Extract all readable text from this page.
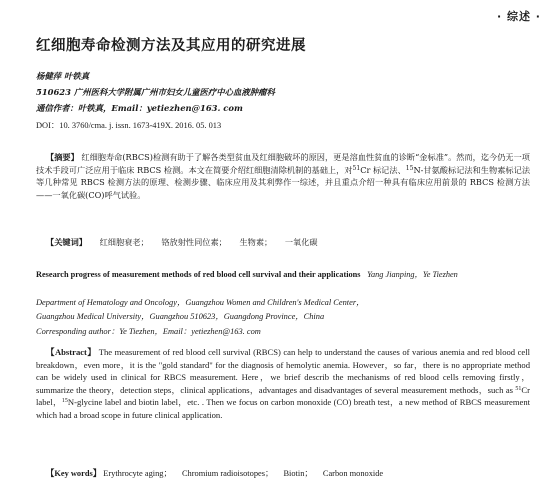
· 综述 ·
红细胞寿命检测方法及其应用的研究进展
杨健萍 叶铁真
510623 广州医科大学附属广州市妇女儿童医疗中心血液肿瘤科
通信作者：叶铁真，Email：yetiezhen@163. com
DOI：10. 3760/cma. j. issn. 1673-419X. 2016. 05. 013
【摘要】 红细胞寿命(RBCS)检测有助于了解各类型贫血及红细胞破坏的原因，更是溶血性贫血的诊断“金标准”。然而，迄今仍无一项技术手段可广泛应用于临床 RBCS 检测。本文在简要介绍红细胞清除机制的基础上，对$^{51}$Cr 标记法、$^{15}$N-甘氨酸标记法和生物素标记法等几种常见 RBCS 检测方法的原理、检测步骤、临床应用及其利弊作一综述，并且重点介绍一种具有临床应用前景的 RBCS 检测方法——一氧化碳(CO)呼气试验。
【关键词】 红细胞衰老； 铬放射性同位素； 生物素； 一氧化碳
Research progress of measurement methods of red blood cell survival and their applications Yang Jianping，Ye Tiezhen
Department of Hematology and Oncology，Guangzhou Women and Children's Medical Center，
Guangzhou Medical University，Guangzhou 510623，Guangdong Province，China
Corresponding author：Ye Tiezhen，Email：yetiezhen@163. com
【Abstract】 The measurement of red blood cell survival (RBCS) can help to understand the causes of various anemia and red blood cell breakdown，even more，it is the "gold standard" for the diagnosis of hemolytic anemia. However，so far，there is no appropriate method can be widely used in clinical for RBCS measurement. Here，we brief describ the mechanisms of red blood cells removing firstly，summarize the theory，detection steps，clinical applications，advantages and disadvantages of several measurement methods，such as $^{51}$Cr label，$^{15}$N-glycine label and biotin label，etc. . Then we focus on carbon monoxide (CO) breath test，a new method of RBCS measurement which had a broad scope in future clinical application.
【Key words】 Erythrocyte aging； Chromium radioisotopes； Biotin； Carbon monoxide
